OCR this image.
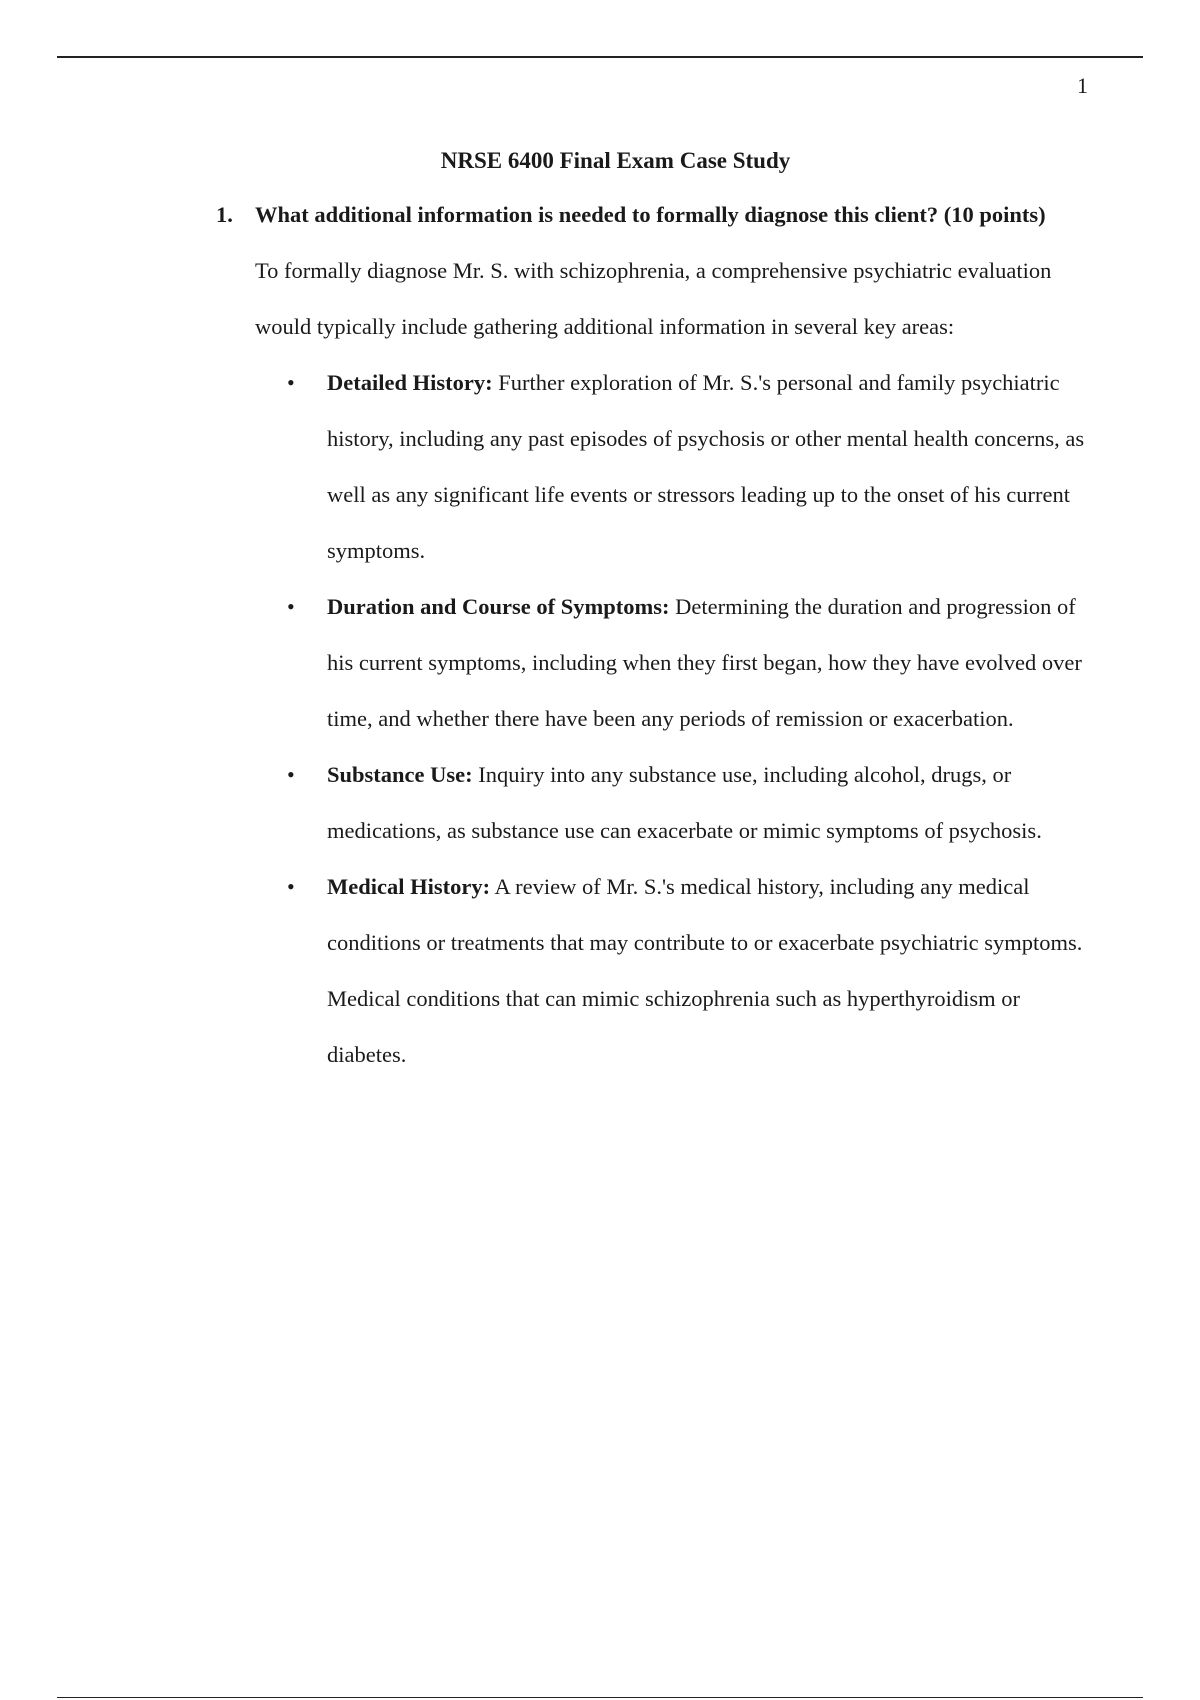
1
NRSE 6400 Final Exam Case Study
1. What additional information is needed to formally diagnose this client? (10 points)

To formally diagnose Mr. S. with schizophrenia, a comprehensive psychiatric evaluation would typically include gathering additional information in several key areas:

• Detailed History: Further exploration of Mr. S.'s personal and family psychiatric history, including any past episodes of psychosis or other mental health concerns, as well as any significant life events or stressors leading up to the onset of his current symptoms.
• Duration and Course of Symptoms: Determining the duration and progression of his current symptoms, including when they first began, how they have evolved over time, and whether there have been any periods of remission or exacerbation.
• Substance Use: Inquiry into any substance use, including alcohol, drugs, or medications, as substance use can exacerbate or mimic symptoms of psychosis.
• Medical History: A review of Mr. S.'s medical history, including any medical conditions or treatments that may contribute to or exacerbate psychiatric symptoms. Medical conditions that can mimic schizophrenia such as hyperthyroidism or diabetes.
